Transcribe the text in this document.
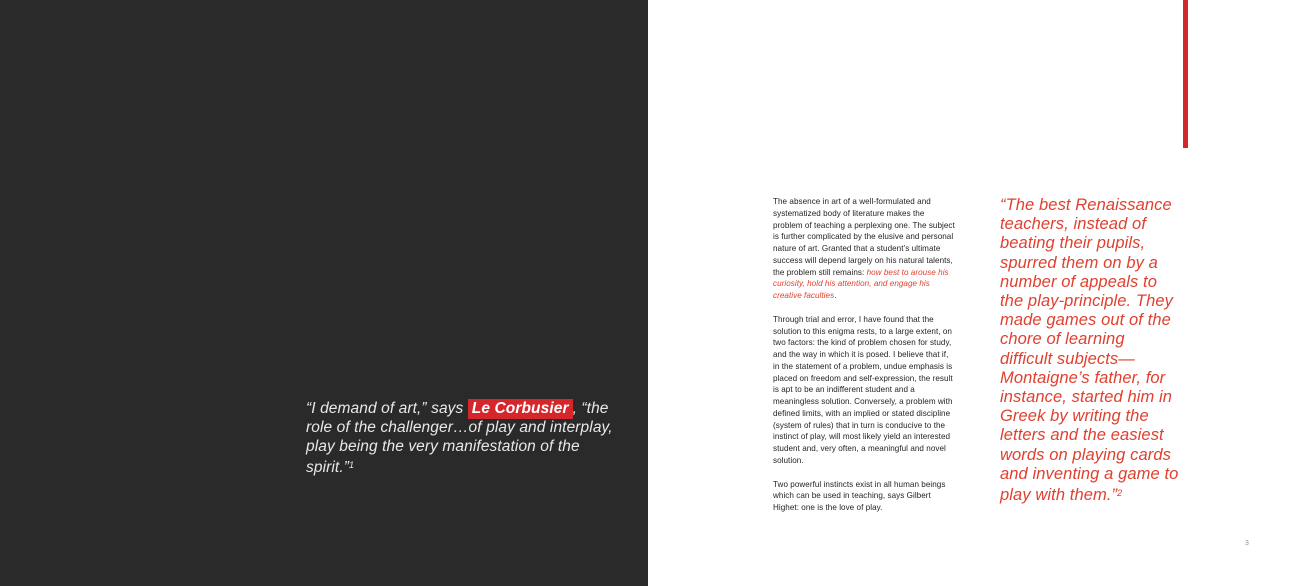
“I demand of art,” says Le Corbusier , “the role of the challenger…of play and interplay, play being the very manifestation of the spirit.”$^1$

The absence in art of a well-formulated and systematized body of literature makes the problem of teaching a perplexing one. The subject is further complicated by the elusive and personal nature of art. Granted that a student’s ultimate success will depend largely on his natural talents, the problem still remains: how best to arouse his curiosity, hold his attention, and engage his creative faculties.

Through trial and error, I have found that the solution to this enigma rests, to a large extent, on two factors: the kind of problem chosen for study, and the way in which it is posed. I believe that if, in the statement of a problem, undue emphasis is placed on freedom and self-expression, the result is apt to be an indifferent student and a meaningless solution. Conversely, a problem with defined limits, with an implied or stated discipline (system of rules) that in turn is conducive to the instinct of play, will most likely yield an interested student and, very often, a meaningful and novel solution.

Two powerful instincts exist in all human beings which can be used in teaching, says Gilbert Highet: one is the love of play.

“The best Renaissance teachers, instead of beating their pupils, spurred them on by a number of appeals to the play-principle. They made games out of the chore of learning difficult subjects—Montaigne’s father, for instance, started him in Greek by writing the letters and the easiest words on playing cards and inventing a game to play with them.”$^2$
3
